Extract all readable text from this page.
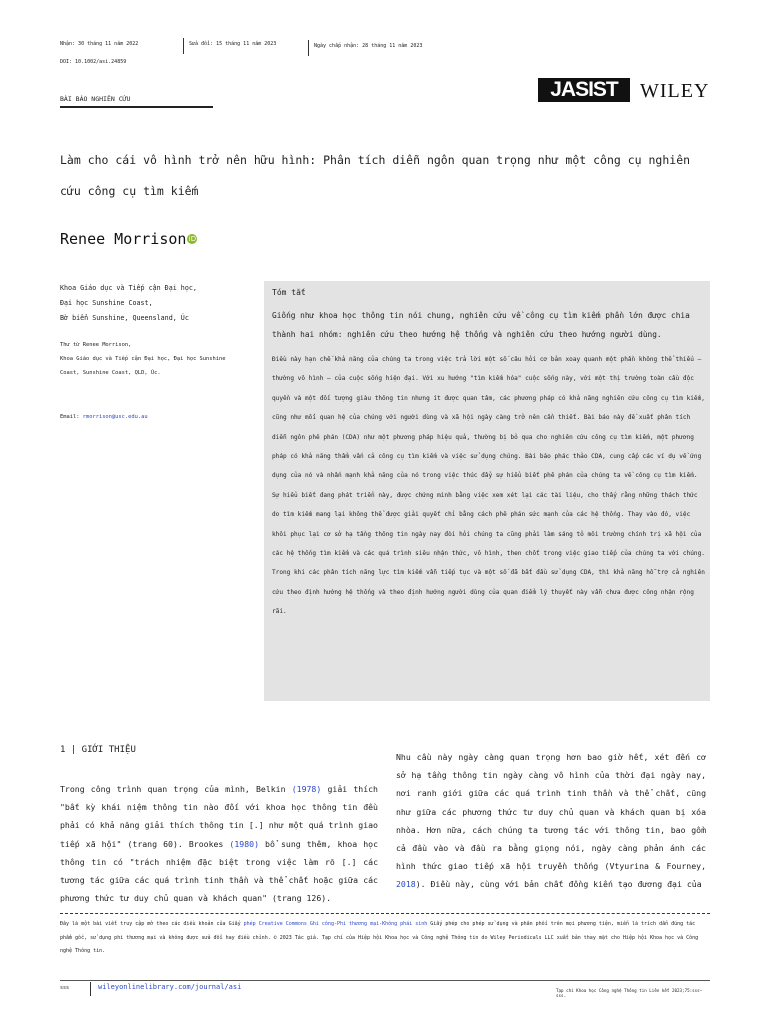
Nhận: 30 tháng 11 năm 2022	Sửa đổi: 15 tháng 11 năm 2023	Ngày chấp nhận: 28 tháng 11 năm 2023
DOI: 10.1002/asi.24859
JASIST	WILEY
BÀI BÁO NGHIÊN CỨU
Làm cho cái vô hình trở nên hữu hình: Phân tích diễn ngôn quan trọng như một công cụ nghiên
cứu công cụ tìm kiếm
Renee Morrison iD
Khoa Giáo dục và Tiếp cận Đại học,
Đại học Sunshine Coast,
Bờ biển Sunshine, Queensland, Úc
Thư từ Renee Morrison,
Khoa Giáo dục và Tiếp cận Đại học, Đại học Sunshine
Coast, Sunshine Coast, QLD, Úc.
Email: rmorrison@usc.edu.au
Tóm tắt
Giống như khoa học thông tin nói chung, nghiên cứu về công cụ tìm kiếm phần lớn được chia thành hai nhóm: nghiên cứu theo hướng hệ thống và nghiên cứu theo hướng người dùng.
Điều này hạn chế khả năng của chúng ta trong việc trả lời một số câu hỏi cơ bản xoay quanh một phần không thể thiếu – thường vô hình – của cuộc sống hiện đại. Với xu hướng "tìm kiếm hóa" cuộc sống này, với một thị trường toàn cầu độc quyền và một đối tượng giàu thông tin nhưng ít được quan tâm, các phương pháp có khả năng nghiên cứu công cụ tìm kiếm, cũng như mối quan hệ của chúng với người dùng và xã hội ngày càng trở nên cần thiết. Bài báo này đề xuất phân tích diễn ngôn phê phán (CDA) như một phương pháp hiệu quả, thường bị bỏ qua cho nghiên cứu công cụ tìm kiếm, một phương pháp có khả năng thẩm vấn cả công cụ tìm kiếm và việc sử dụng chúng. Bài báo phác thảo CDA, cung cấp các ví dụ về ứng dụng của nó và nhấn mạnh khả năng của nó trong việc thúc đẩy sự hiểu biết phê phán của chúng ta về công cụ tìm kiếm. Sự hiểu biết đang phát triển này, được chứng minh bằng việc xem xét lại các tài liệu, cho thấy rằng những thách thức do tìm kiếm mang lại không thể được giải quyết chỉ bằng cách phê phán sức mạnh của các hệ thống. Thay vào đó, việc khôi phục lại cơ sở hạ tầng thông tin ngày nay đòi hỏi chúng ta cũng phải làm sáng tỏ môi trường chính trị xã hội của các hệ thống tìm kiếm và các quá trình siêu nhận thức, vô hình, then chốt trong việc giao tiếp của chúng ta với chúng. Trong khi các phân tích năng lực tìm kiếm vẫn tiếp tục và một số đã bắt đầu sử dụng CDA, thì khả năng hỗ trợ cả nghiên cứu theo định hướng hệ thống và theo định hướng người dùng của quan điểm lý thuyết này vẫn chưa được công nhận rộng rãi.
1 | GIỚI THIỆU
Trong công trình quan trọng của mình, Belkin (1978) giải thích "bất kỳ khái niệm thông tin nào đối với khoa học thông tin đều phải có khả năng giải thích thông tin [.] như một quá trình giao tiếp xã hội" (trang 60). Brookes (1980) bổ sung thêm, khoa học thông tin có "trách nhiệm đặc biệt trong việc làm rõ [.] các tương tác giữa các quá trình tinh thần và thể chất hoặc giữa các phương thức tư duy chủ quan và khách quan" (trang 126).
Nhu cầu này ngày càng quan trọng hơn bao giờ hết, xét đến cơ sở hạ tầng thông tin ngày càng vô hình của thời đại ngày nay, nơi ranh giới giữa các quá trình tinh thần và thể chất, cũng như giữa các phương thức tư duy chủ quan và khách quan bị xóa nhòa. Hơn nữa, cách chúng ta tương tác với thông tin, bao gồm cả đầu vào và đầu ra bằng giọng nói, ngày càng phản ánh các hình thức giao tiếp xã hội truyền thống (Vtyurina & Fourney, 2018). Điều này, cùng với bản chất đồng kiến tạo đương đại của
Đây là một bài viết truy cập mở theo các điều khoản của Giấy phép Creative Commons Ghi công-Phi thương mại-Không phái sinh Giấy phép cho phép sử dụng và phân phối trên mọi phương tiện, miễn là trích dẫn đúng tác phẩm gốc, sử dụng phi thương mại và không được sửa đổi hay điều chỉnh. © 2023 Tác giả. Tạp chí của Hiệp hội Khoa học và Công nghệ Thông tin do Wiley Periodicals LLC xuất bản thay mặt cho Hiệp hội Khoa học và Công nghệ Thông tin.
sss	wileyonlinelibrary.com/journal/asi	Tạp chí Khoa học Công nghệ Thông tin Liên kết 2023;75:sss–sss.
